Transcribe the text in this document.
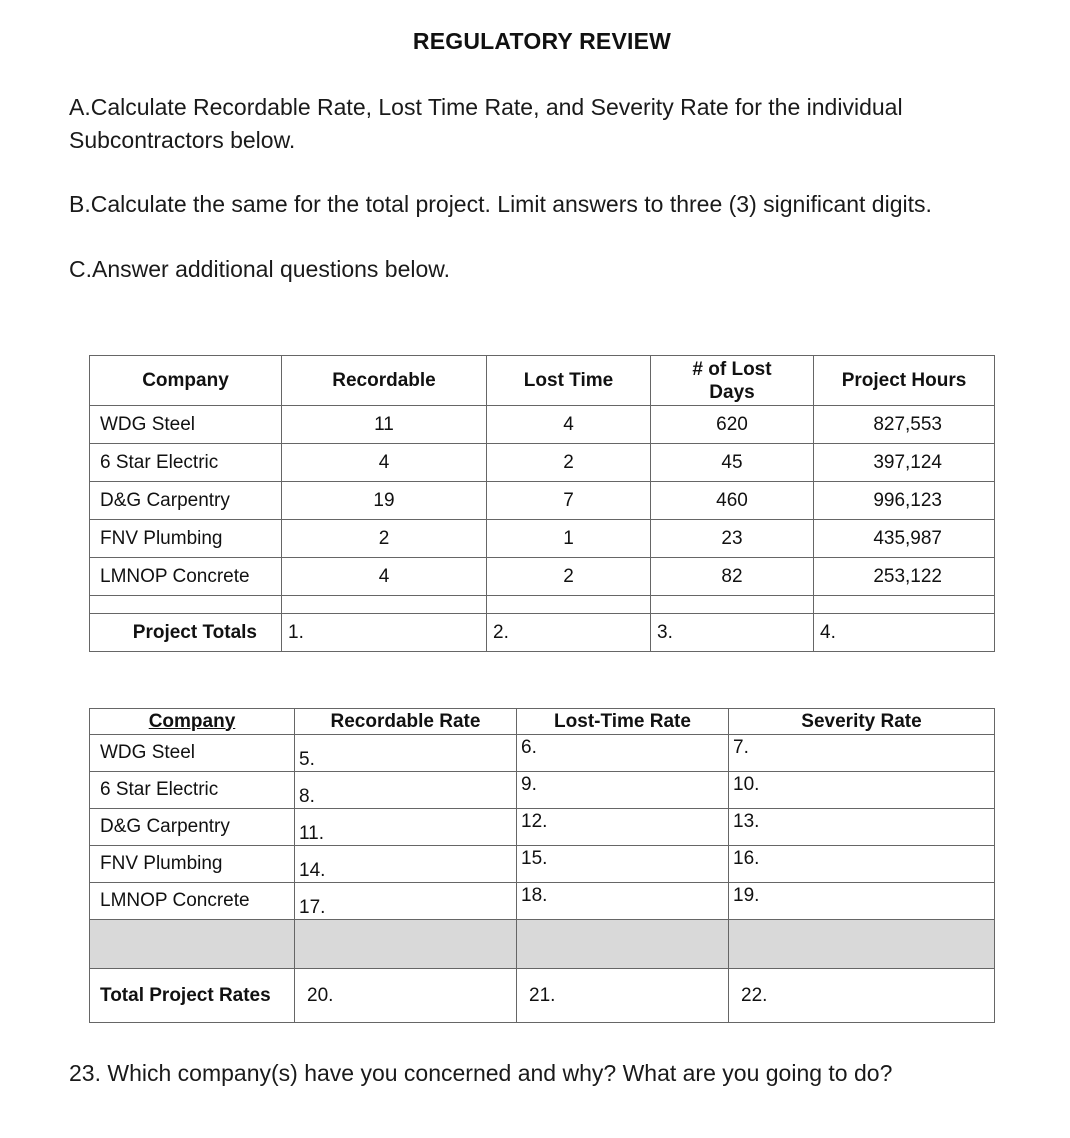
REGULATORY REVIEW
A.Calculate Recordable Rate, Lost Time Rate, and Severity Rate for the individual Subcontractors below.
B.Calculate the same for the total project. Limit answers to three (3) significant digits.
C.Answer additional questions below.
Company	Recordable	Lost Time	# of Lost Days	Project Hours
WDG Steel	11	4	620	827,553
6 Star Electric	4	2	45	397,124
D&G Carpentry	19	7	460	996,123
FNV Plumbing	2	1	23	435,987
LMNOP Concrete	4	2	82	253,122

Project Totals	1.	2.	3.	4.
Company	Recordable Rate	Lost-Time Rate	Severity Rate
WDG Steel	5.	6.	7.
6 Star Electric	8.	9.	10.
D&G Carpentry	11.	12.	13.
FNV Plumbing	14.	15.	16.
LMNOP Concrete	17.	18.	19.

Total Project Rates	20.	21.	22.
23. Which company(s) have you concerned and why? What are you going to do?
